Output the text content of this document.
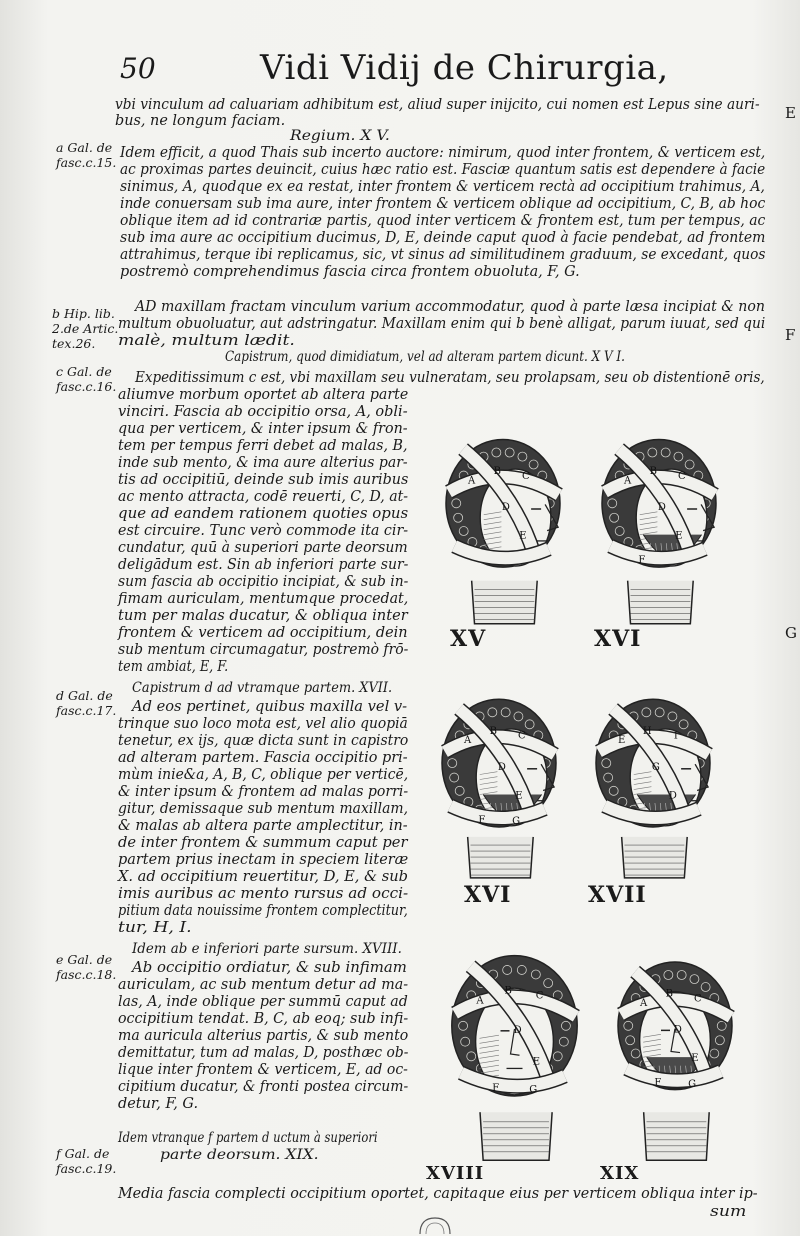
50	Vidi Vidij de Chirurgia,
E
F
G
a Gal. de
fasc.c.15.
b Hip. lib.
2.de Artic.
tex.26.
c Gal. de
fasc.c.16.
d Gal. de
fasc.c.17.
e Gal. de
fasc.c.18.
f Gal. de
fasc.c.19.
vbi vinculum ad caluariam adhibitum est, aliud super inijcito, cui nomen est Lepus sine auri-
bus, ne longum faciam.
Regium. X V.
Idem efficit, a quod Thais sub incerto auctore: nimirum, quod inter frontem, & verticem est,
ac proximas partes deuincit, cuius hæc ratio est. Fasciæ quantum satis est dependere à facie
sinimus, A, quodque ex ea restat, inter frontem & verticem rectà ad occipitium trahimus, A,
inde conuersam sub ima aure, inter frontem & verticem oblique ad occipitium, C, B, ab hoc
oblique item ad id contrariæ partis, quod inter verticem & frontem est, tum per tempus, ac
sub ima aure ac occipitium ducimus, D, E, deinde caput quod à facie pendebat, ad frontem
attrahimus, terque ibi replicamus, sic, vt sinus ad similitudinem graduum, se excedant, quos
postremò comprehendimus fascia circa frontem obuoluta, F, G.
AD maxillam fractam vinculum varium accommodatur, quod à parte læsa incipiat & non
multum obuoluatur, aut adstringatur. Maxillam enim qui b benè alligat, parum iuuat, sed qui
malè, multum lædit.
Capistrum, quod dimidiatum, vel ad alteram partem dicunt. X V I.
Expeditissimum c est, vbi maxillam seu vulneratam, seu prolapsam, seu ob distentionē oris,
aliumve morbum oportet ab altera parte
vinciri. Fascia ab occipitio orsa, A, obli-
qua per verticem, & inter ipsum & fron-
tem per tempus ferri debet ad malas, B,
inde sub mento, & ima aure alterius par-
tis ad occipitiū, deinde sub imis auribus
ac mento attracta, codē reuerti, C, D, at-
que ad eandem rationem quoties opus
est circuire. Tunc verò commode ita cir-
cundatur, quū à superiori parte deorsum
deligādum est. Sin ab inferiori parte sur-
sum fascia ab occipitio incipiat, & sub in-
fimam auriculam, mentumque procedat,
tum per malas ducatur, & obliqua inter
frontem & verticem ad occipitium, dein
sub mentum circumagatur, postremò frō-
tem ambiat, E, F.
Capistrum d ad vtramque partem. XVII.
Ad eos pertinet, quibus maxilla vel v-
trinque suo loco mota est, vel alio quopiā
tenetur, ex ijs, quæ dicta sunt in capistro
ad alteram partem. Fascia occipitio pri-
mùm inie&a, A, B, C, oblique per verticē,
& inter ipsum & frontem ad malas porri-
gitur, demissaque sub mentum maxillam,
& malas ab altera parte amplectitur, in-
de inter frontem & summum caput per
partem prius inectam in speciem literæ
X. ad occipitium reuertitur, D, E, & sub
imis auribus ac mento rursus ad occi-
pitium data nouissime frontem complectitur,
tur, H, I.
Idem ab e inferiori parte sursum. XVIII.
Ab occipitio ordiatur, & sub infimam
auriculam, ac sub mentum detur ad ma-
las, A, inde oblique per summū caput ad
occipitium tendat. B, C, ab eoq; sub infi-
ma auricula alterius partis, & sub mento
demittatur, tum ad malas, D, posthæc ob-
lique inter frontem & verticem, E, ad oc-
cipitium ducatur, & fronti postea circum-
detur, F, G.
Idem vtranque f partem d uctum à superiori
parte deorsum. XIX.
Media fascia complecti occipitium oportet, capitaque eius per verticem obliqua inter ip-
sum
A
B C
D
E
XV
A
B C
D
E
F
XVI
A
B C
D
E
F	G
XVI
E
H I
G
D
XVII
A
B C
D
E
F	G
XVIII
A
B C
D
E
F	G
XIX
